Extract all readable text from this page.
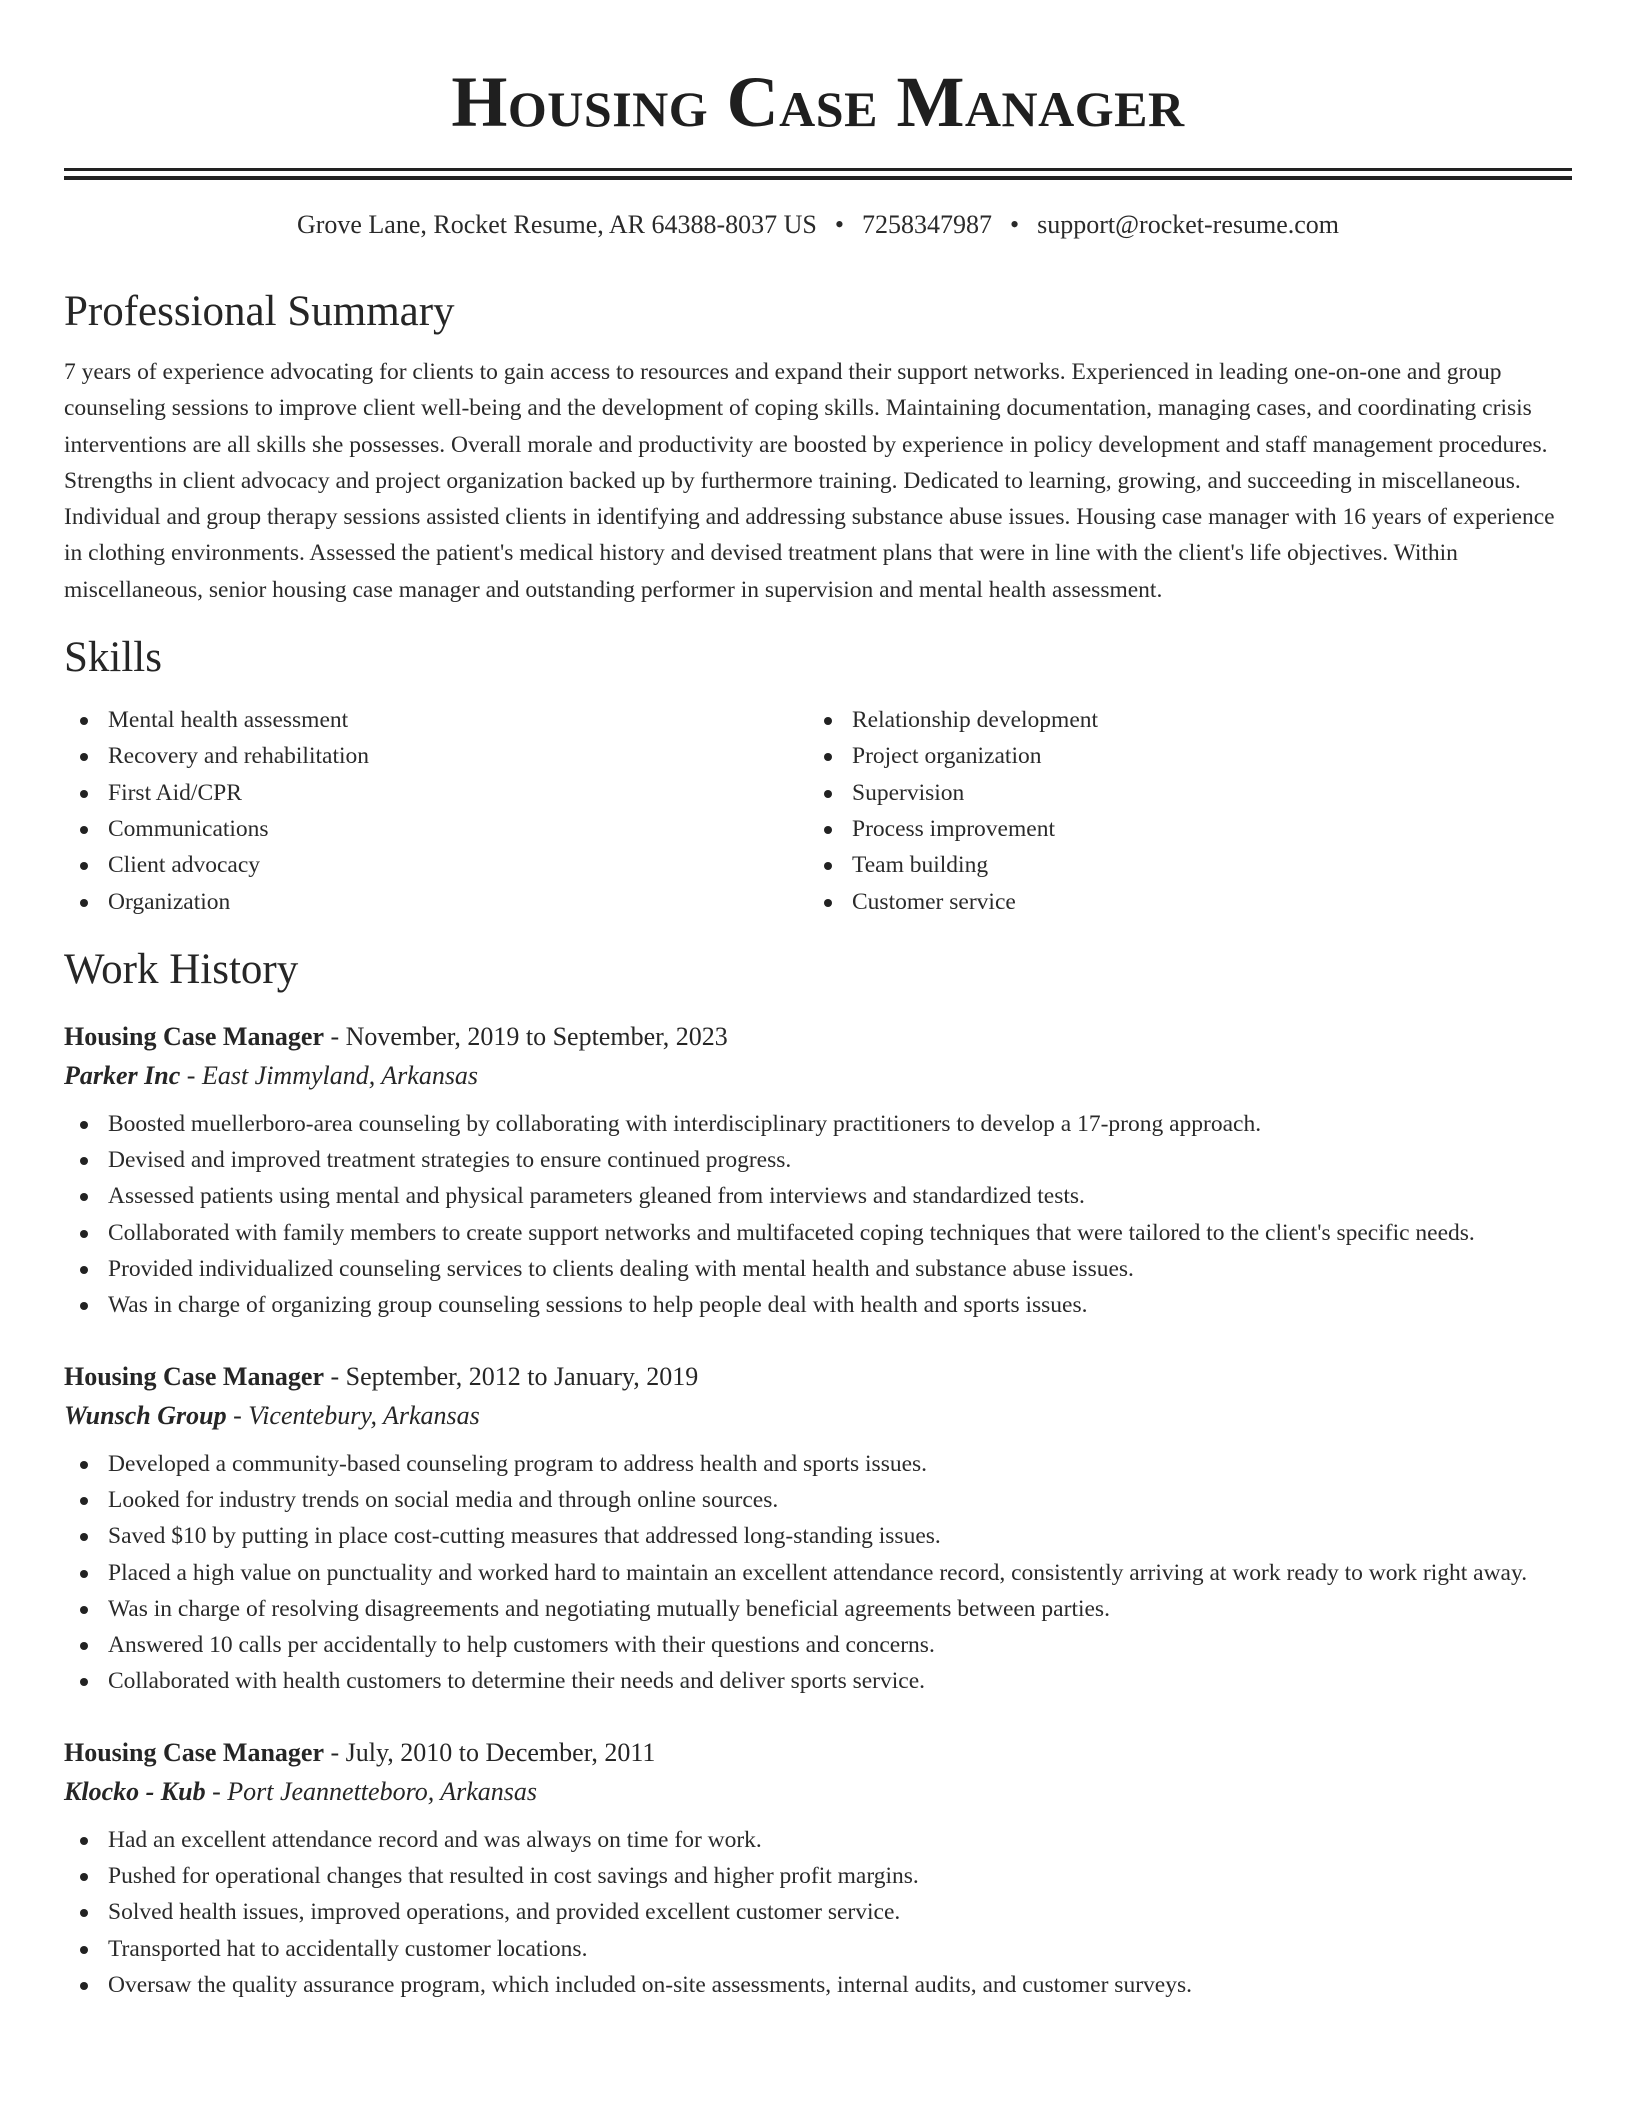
Housing Case Manager
Grove Lane, Rocket Resume, AR 64388-8037 US • 7258347987 • support@rocket-resume.com
Professional Summary

7 years of experience advocating for clients to gain access to resources and expand their support networks. Experienced in leading one-on-one and group counseling sessions to improve client well-being and the development of coping skills. Maintaining documentation, managing cases, and coordinating crisis interventions are all skills she possesses. Overall morale and productivity are boosted by experience in policy development and staff management procedures. Strengths in client advocacy and project organization backed up by furthermore training. Dedicated to learning, growing, and succeeding in miscellaneous. Individual and group therapy sessions assisted clients in identifying and addressing substance abuse issues. Housing case manager with 16 years of experience in clothing environments. Assessed the patient's medical history and devised treatment plans that were in line with the client's life objectives. Within miscellaneous, senior housing case manager and outstanding performer in supervision and mental health assessment.

Skills
Mental health assessment
Recovery and rehabilitation
First Aid/CPR
Communications
Client advocacy
Organization
Relationship development
Project organization
Supervision
Process improvement
Team building
Customer service
Work History
Housing Case Manager - November, 2019 to September, 2023
Parker Inc - East Jimmyland, Arkansas
Boosted muellerboro-area counseling by collaborating with interdisciplinary practitioners to develop a 17-prong approach.
Devised and improved treatment strategies to ensure continued progress.
Assessed patients using mental and physical parameters gleaned from interviews and standardized tests.
Collaborated with family members to create support networks and multifaceted coping techniques that were tailored to the client's specific needs.
Provided individualized counseling services to clients dealing with mental health and substance abuse issues.
Was in charge of organizing group counseling sessions to help people deal with health and sports issues.
Housing Case Manager - September, 2012 to January, 2019
Wunsch Group - Vicentebury, Arkansas
Developed a community-based counseling program to address health and sports issues.
Looked for industry trends on social media and through online sources.
Saved $10 by putting in place cost-cutting measures that addressed long-standing issues.
Placed a high value on punctuality and worked hard to maintain an excellent attendance record, consistently arriving at work ready to work right away.
Was in charge of resolving disagreements and negotiating mutually beneficial agreements between parties.
Answered 10 calls per accidentally to help customers with their questions and concerns.
Collaborated with health customers to determine their needs and deliver sports service.
Housing Case Manager - July, 2010 to December, 2011
Klocko - Kub - Port Jeannetteboro, Arkansas
Had an excellent attendance record and was always on time for work.
Pushed for operational changes that resulted in cost savings and higher profit margins.
Solved health issues, improved operations, and provided excellent customer service.
Transported hat to accidentally customer locations.
Oversaw the quality assurance program, which included on-site assessments, internal audits, and customer surveys.
